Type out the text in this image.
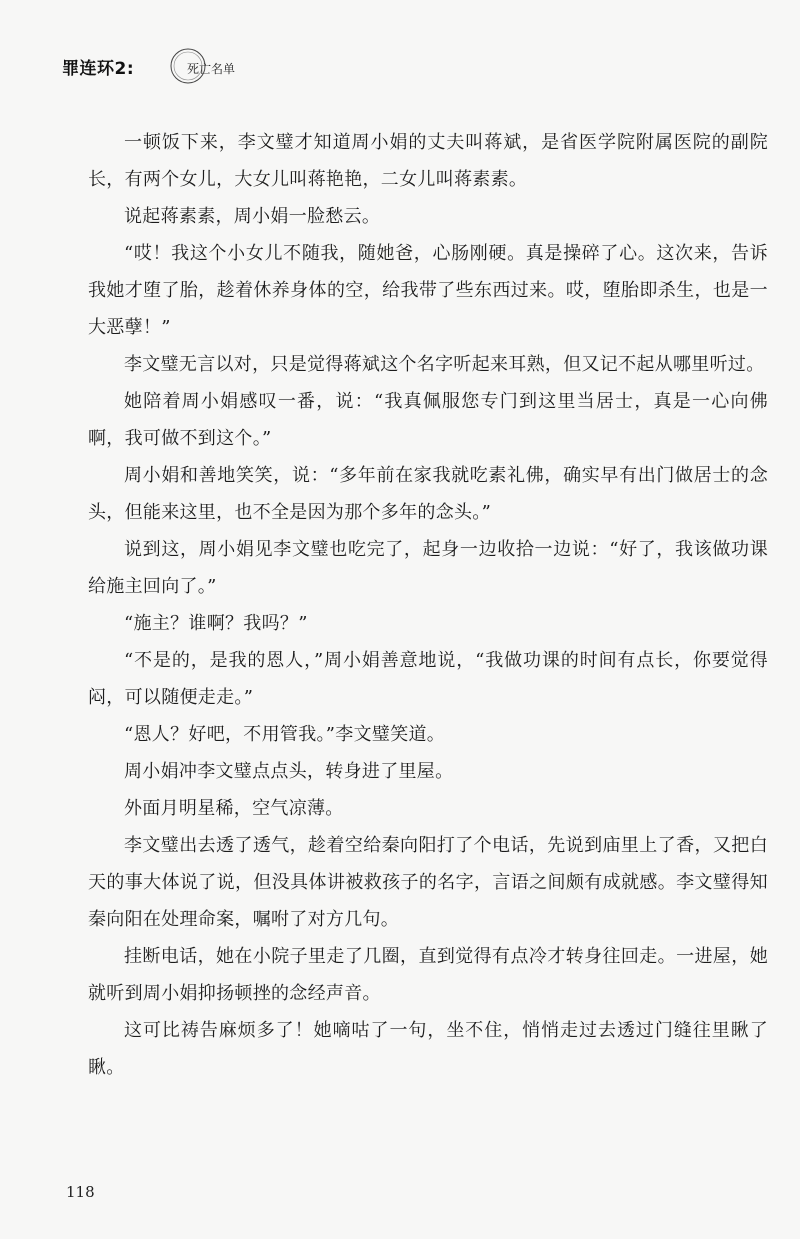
罪连环2:	死亡名单

一顿饭下来，李文璧才知道周小娟的丈夫叫蒋斌，是省医学院附属医院的副院长，有两个女儿，大女儿叫蒋艳艳，二女儿叫蒋素素。

说起蒋素素，周小娟一脸愁云。

“哎！我这个小女儿不随我，随她爸，心肠刚硬。真是操碎了心。这次来，告诉我她才堕了胎，趁着休养身体的空，给我带了些东西过来。哎，堕胎即杀生，也是一大恶孽！”

李文璧无言以对，只是觉得蒋斌这个名字听起来耳熟，但又记不起从哪里听过。

她陪着周小娟感叹一番，说：“我真佩服您专门到这里当居士，真是一心向佛啊，我可做不到这个。”

周小娟和善地笑笑，说：“多年前在家我就吃素礼佛，确实早有出门做居士的念头，但能来这里，也不全是因为那个多年的念头。”

说到这，周小娟见李文璧也吃完了，起身一边收拾一边说：“好了，我该做功课给施主回向了。”

“施主？谁啊？我吗？”

“不是的，是我的恩人，”周小娟善意地说，“我做功课的时间有点长，你要觉得闷，可以随便走走。”

“恩人？好吧，不用管我。”李文璧笑道。

周小娟冲李文璧点点头，转身进了里屋。

外面月明星稀，空气凉薄。

李文璧出去透了透气，趁着空给秦向阳打了个电话，先说到庙里上了香，又把白天的事大体说了说，但没具体讲被救孩子的名字，言语之间颇有成就感。李文璧得知秦向阳在处理命案，嘱咐了对方几句。

挂断电话，她在小院子里走了几圈，直到觉得有点冷才转身往回走。一进屋，她就听到周小娟抑扬顿挫的念经声音。

这可比祷告麻烦多了！她嘀咕了一句，坐不住，悄悄走过去透过门缝往里瞅了瞅。

118
